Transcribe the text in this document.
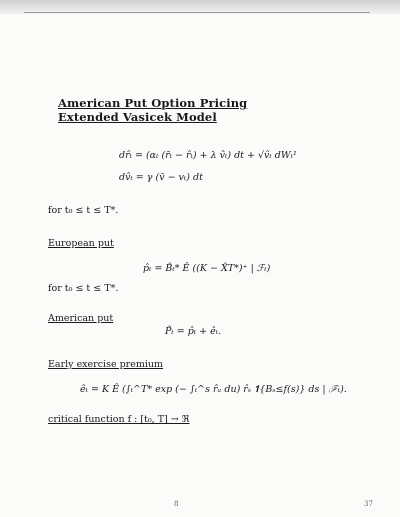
American Put Option Pricing
Extended Vasicek Model
dr̂ₜ = (αₜ (r̄ₜ − r̂ₜ) + λ v̂ₜ) dt + √v̂ₜ dWₜ¹
dv̂ₜ = γ (v̄ − vₜ) dt
for t₀ ≤ t ≤ T*.
European put
p̂ₜ = B̂ₜ* Ê ((K − X̂T*)⁺ | ℱₜ)
for t₀ ≤ t ≤ T*.
American put
P̂ₜ = p̂ₜ + êₜ.
Early exercise premium
êₜ = K Ê (∫ₜ^T* exp (− ∫ₜ^s r̂ᵤ du) r̂ₛ 𝟏{Bₛ≤f(s)} ds | ℱₜ).
critical function f : [t₀, T] → ℜ
8	37
